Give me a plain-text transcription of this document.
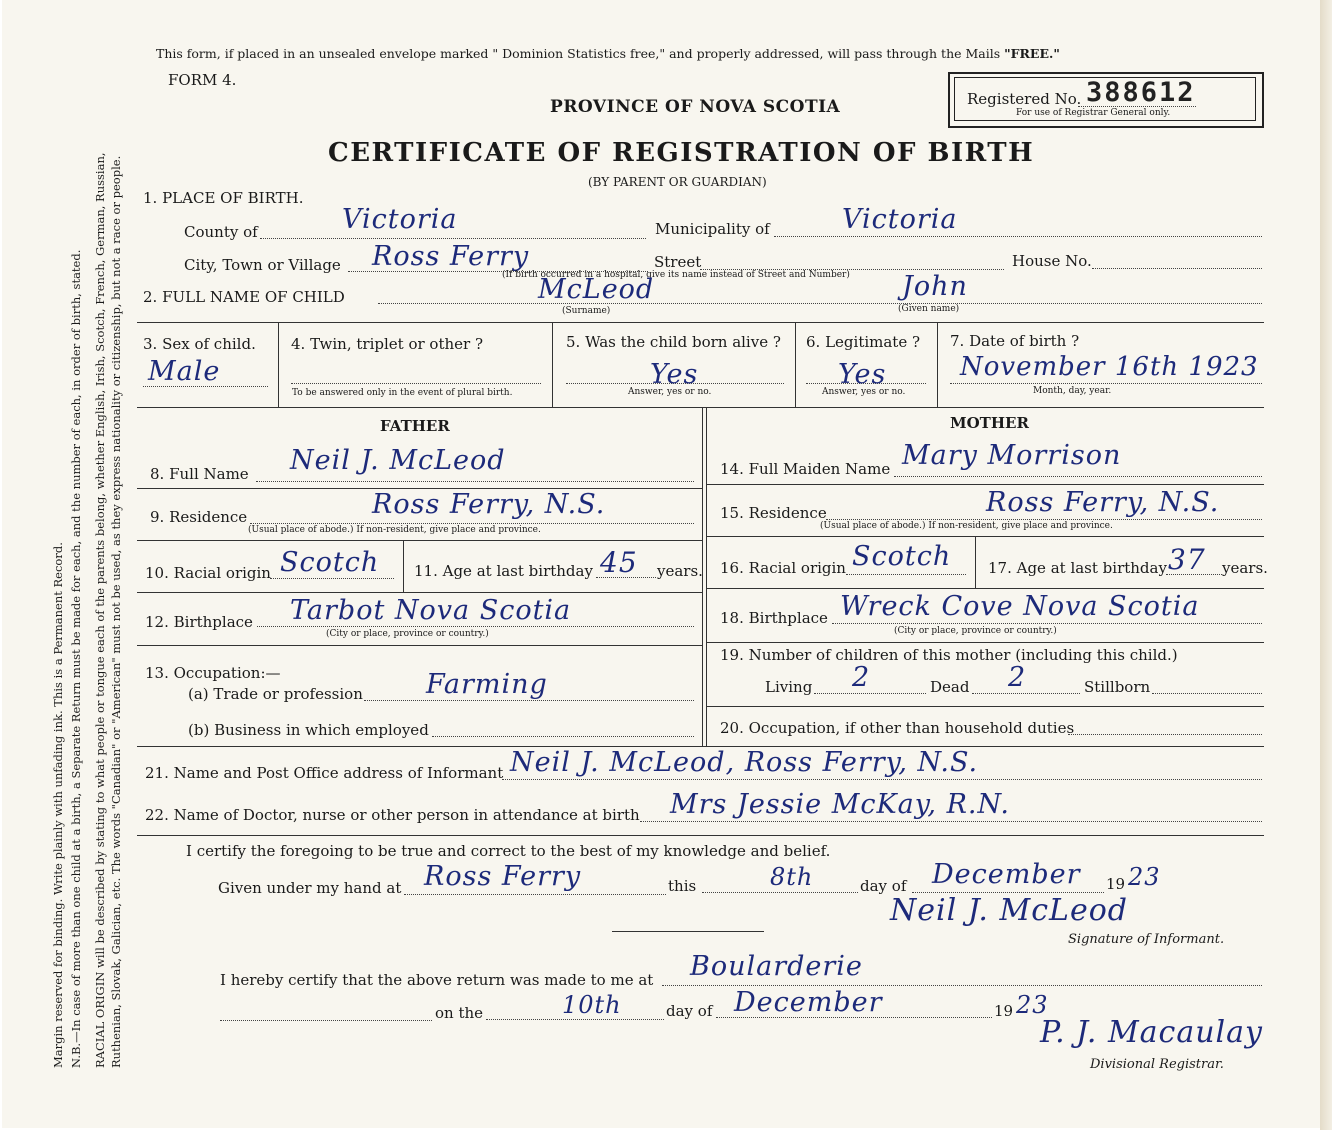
Margin reserved for binding. Write plainly with unfading ink. This is a Permanent Record. N.B.—In case of more than one child at a birth, a Separate Return must be made for each, and the number of each, in order of birth, stated. RACIAL ORIGIN will be described by stating to what people or tongue each of the parents belong, whether English, Irish, Scotch, French, German, Russian, Ruthenian, Slovak, Galician, etc. The words "Canadian" or "American" must not be used, as they express nationality or citizenship, but not a race or people.
This form, if placed in an unsealed envelope marked " Dominion Statistics free," and properly addressed, will pass through the Mails "FREE."
FORM 4.
PROVINCE OF NOVA SCOTIA	Registered No. 388612
For use of Registrar General only.
CERTIFICATE OF REGISTRATION OF BIRTH
(BY PARENT OR GUARDIAN)
1. PLACE OF BIRTH.
County of	Victoria	Municipality of	Victoria
City, Town or Village Ross Ferry	Street
(If birth occurred in a hospital, give its name instead of Street and Number)
House No.
2. FULL NAME OF CHILD	McLeod
(Surname)
John
(Given name)
3. Sex of child.
Male
4. Twin, triplet or other ?
To be answered only in the event of plural birth.
5. Was the child born alive ?
Yes
Answer, yes or no.
6. Legitimate ?
Yes
Answer, yes or no.
7. Date of birth ?
November 16th 1923
Month, day, year.
FATHER	MOTHER
8. Full Name Neil J. McLeod
9. Residence	Ross Ferry, N.S.
(Usual place of abode.) If non-resident, give place and province.
10. Racial origin Scotch 11. Age at last birthday 45 years.
12. Birthplace Tarbot Nova Scotia
(City or place, province or country.)
13. Occupation:—
(a) Trade or profession Farming
(b) Business in which employed
14. Full Maiden Name Mary Morrison
15. Residence	Ross Ferry, N.S.
(Usual place of abode.) If non-resident, give place and province.
16. Racial origin Scotch 17. Age at last birthday 37 years.
18. Birthplace Wreck Cove Nova Scotia
(City or place, province or country.)
19. Number of children of this mother (including this child.)
Living 2	Dead 2	Stillborn
20. Occupation, if other than household duties
21. Name and Post Office address of Informant Neil J. McLeod, Ross Ferry, N.S.
22. Name of Doctor, nurse or other person in attendance at birth Mrs Jessie McKay, R.N.
I certify the foregoing to be true and correct to the best of my knowledge and belief.
Given under my hand at Ross Ferry	this	8th	day of December 19 23
Neil J. McLeod
Signature of Informant.
I hereby certify that the above return was made to me at Boularderie
on the	10th	day of December	19 23
P. J. Macaulay
Divisional Registrar.
